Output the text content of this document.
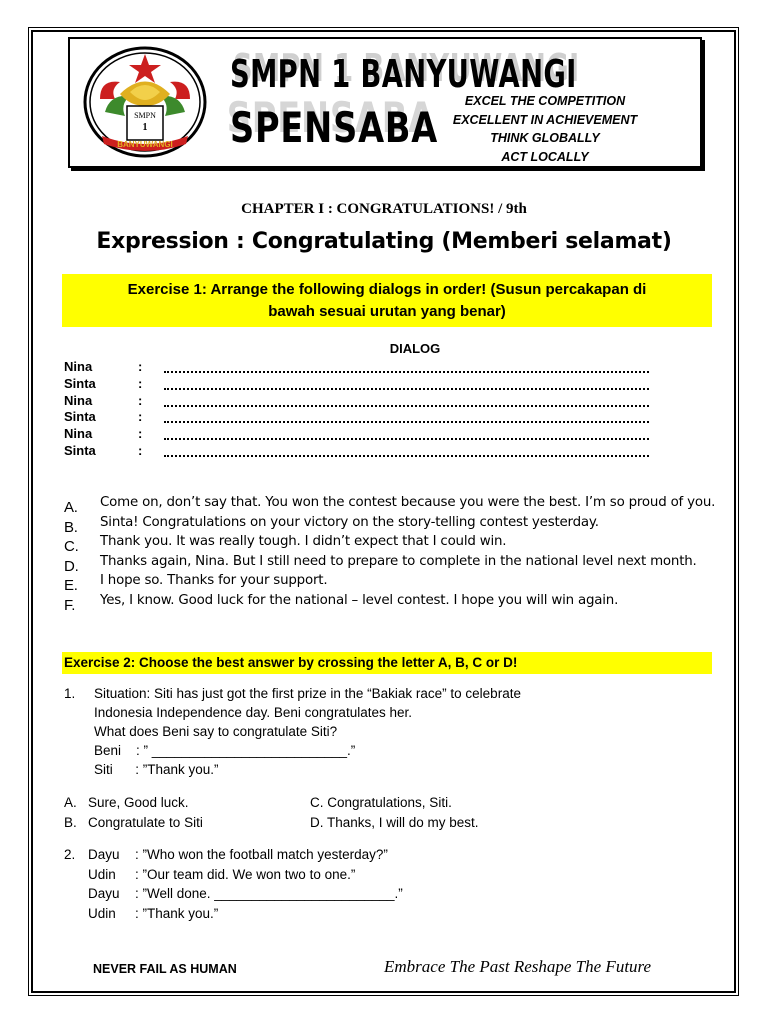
SMPN
1
BANYUWANGI
SMPN 1 BANYUWANGI
SPENSABA
EXCEL THE COMPETITION
EXCELLENT IN ACHIEVEMENT
THINK GLOBALLY
ACT LOCALLY
CHAPTER I : CONGRATULATIONS! / 9th
Expression : Congratulating (Memberi selamat)
Exercise 1: Arrange the following dialogs in order! (Susun percakapan di
bawah sesuai urutan yang benar)
DIALOG
Nina	:
Sinta	:
Nina	:
Sinta	:
Nina	:
Sinta	:
A. Come on, don’t say that. You won the contest because you were the best. I’m so proud of you.
B. Sinta! Congratulations on your victory on the story-telling contest yesterday.
C. Thank you. It was really tough. I didn’t expect that I could win.
D. Thanks again, Nina. But I still need to prepare to complete in the national level next month.
E. I hope so. Thanks for your support.
F. Yes, I know. Good luck for the national – level contest. I hope you will win again.
Exercise 2: Choose the best answer by crossing the letter A, B, C or D!
1. Situation: Siti has just got the first prize in the “Bakiak race” to celebrate
Indonesia Independence day. Beni congratulates her.
What does Beni say to congratulate Siti?
Beni    : ” __________________________.”
Siti      : ”Thank you.”
A.   Sure, Good luck.
B.   Congratulate to Siti
C. Congratulations, Siti.
D. Thanks, I will do my best.
2. Dayu : ”Who won the football match yesterday?”
Udin : ”Our team did. We won two to one.”
Dayu : ”Well done. ________________________.”
Udin : ”Thank you.”
NEVER FAIL AS HUMAN	Embrace The Past Reshape The Future
